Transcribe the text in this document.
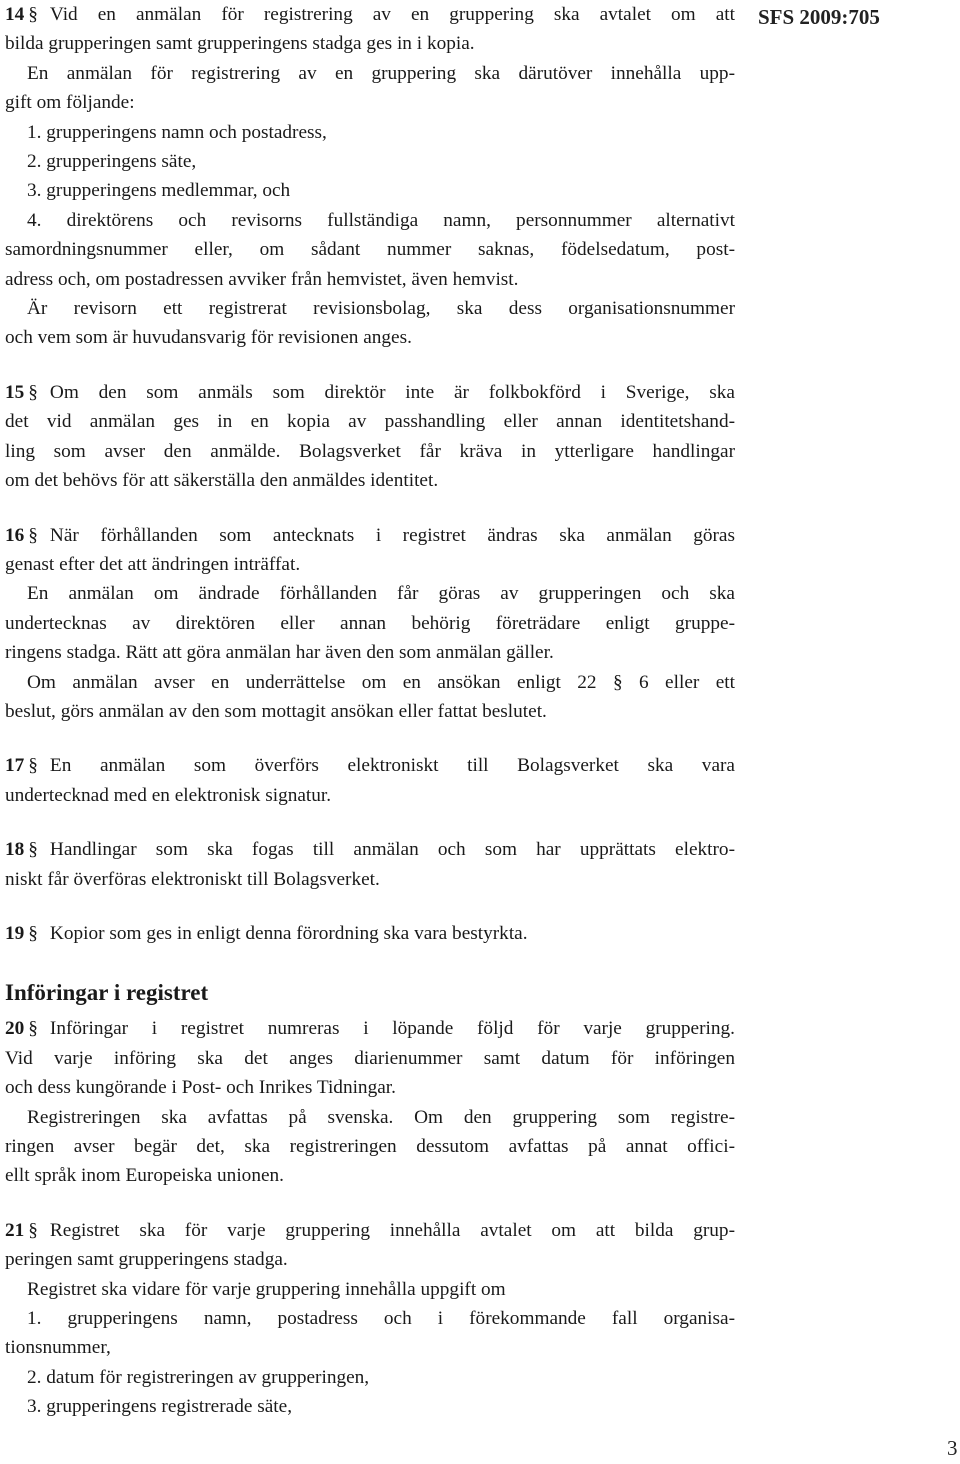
SFS 2009:705

14 § Vid en anmälan för registrering av en gruppering ska avtalet om att

bilda grupperingen samt grupperingens stadga ges in i kopia.

En anmälan för registrering av en gruppering ska därutöver innehålla upp-

gift om följande:

1. grupperingens namn och postadress,

2. grupperingens säte,

3. grupperingens medlemmar, och

4. direktörens och revisorns fullständiga namn, personnummer alternativt

samordningsnummer eller, om sådant nummer saknas, födelsedatum, post-

adress och, om postadressen avviker från hemvistet, även hemvist.

Är revisorn ett registrerat revisionsbolag, ska dess organisationsnummer

och vem som är huvudansvarig för revisionen anges.

15 § Om den som anmäls som direktör inte är folkbokförd i Sverige, ska

det vid anmälan ges in en kopia av passhandling eller annan identitetshand-

ling som avser den anmälde. Bolagsverket får kräva in ytterligare handlingar

om det behövs för att säkerställa den anmäldes identitet.

16 § När förhållanden som antecknats i registret ändras ska anmälan göras

genast efter det att ändringen inträffat.

En anmälan om ändrade förhållanden får göras av grupperingen och ska

undertecknas av direktören eller annan behörig företrädare enligt gruppe-

ringens stadga. Rätt att göra anmälan har även den som anmälan gäller.

Om anmälan avser en underrättelse om en ansökan enligt 22 § 6 eller ett

beslut, görs anmälan av den som mottagit ansökan eller fattat beslutet.

17 § En anmälan som överförs elektroniskt till Bolagsverket ska vara

undertecknad med en elektronisk signatur.

18 § Handlingar som ska fogas till anmälan och som har upprättats elektro-

niskt får överföras elektroniskt till Bolagsverket.

19 § Kopior som ges in enligt denna förordning ska vara bestyrkta.

Införingar i registret

20 § Införingar i registret numreras i löpande följd för varje gruppering.

Vid varje införing ska det anges diarienummer samt datum för införingen

och dess kungörande i Post- och Inrikes Tidningar.

Registreringen ska avfattas på svenska. Om den gruppering som registre-

ringen avser begär det, ska registreringen dessutom avfattas på annat offici-

ellt språk inom Europeiska unionen.

21 § Registret ska för varje gruppering innehålla avtalet om att bilda grup-

peringen samt grupperingens stadga.

Registret ska vidare för varje gruppering innehålla uppgift om

1. grupperingens namn, postadress och i förekommande fall organisa-

tionsnummer,

2. datum för registreringen av grupperingen,

3. grupperingens registrerade säte,

3
